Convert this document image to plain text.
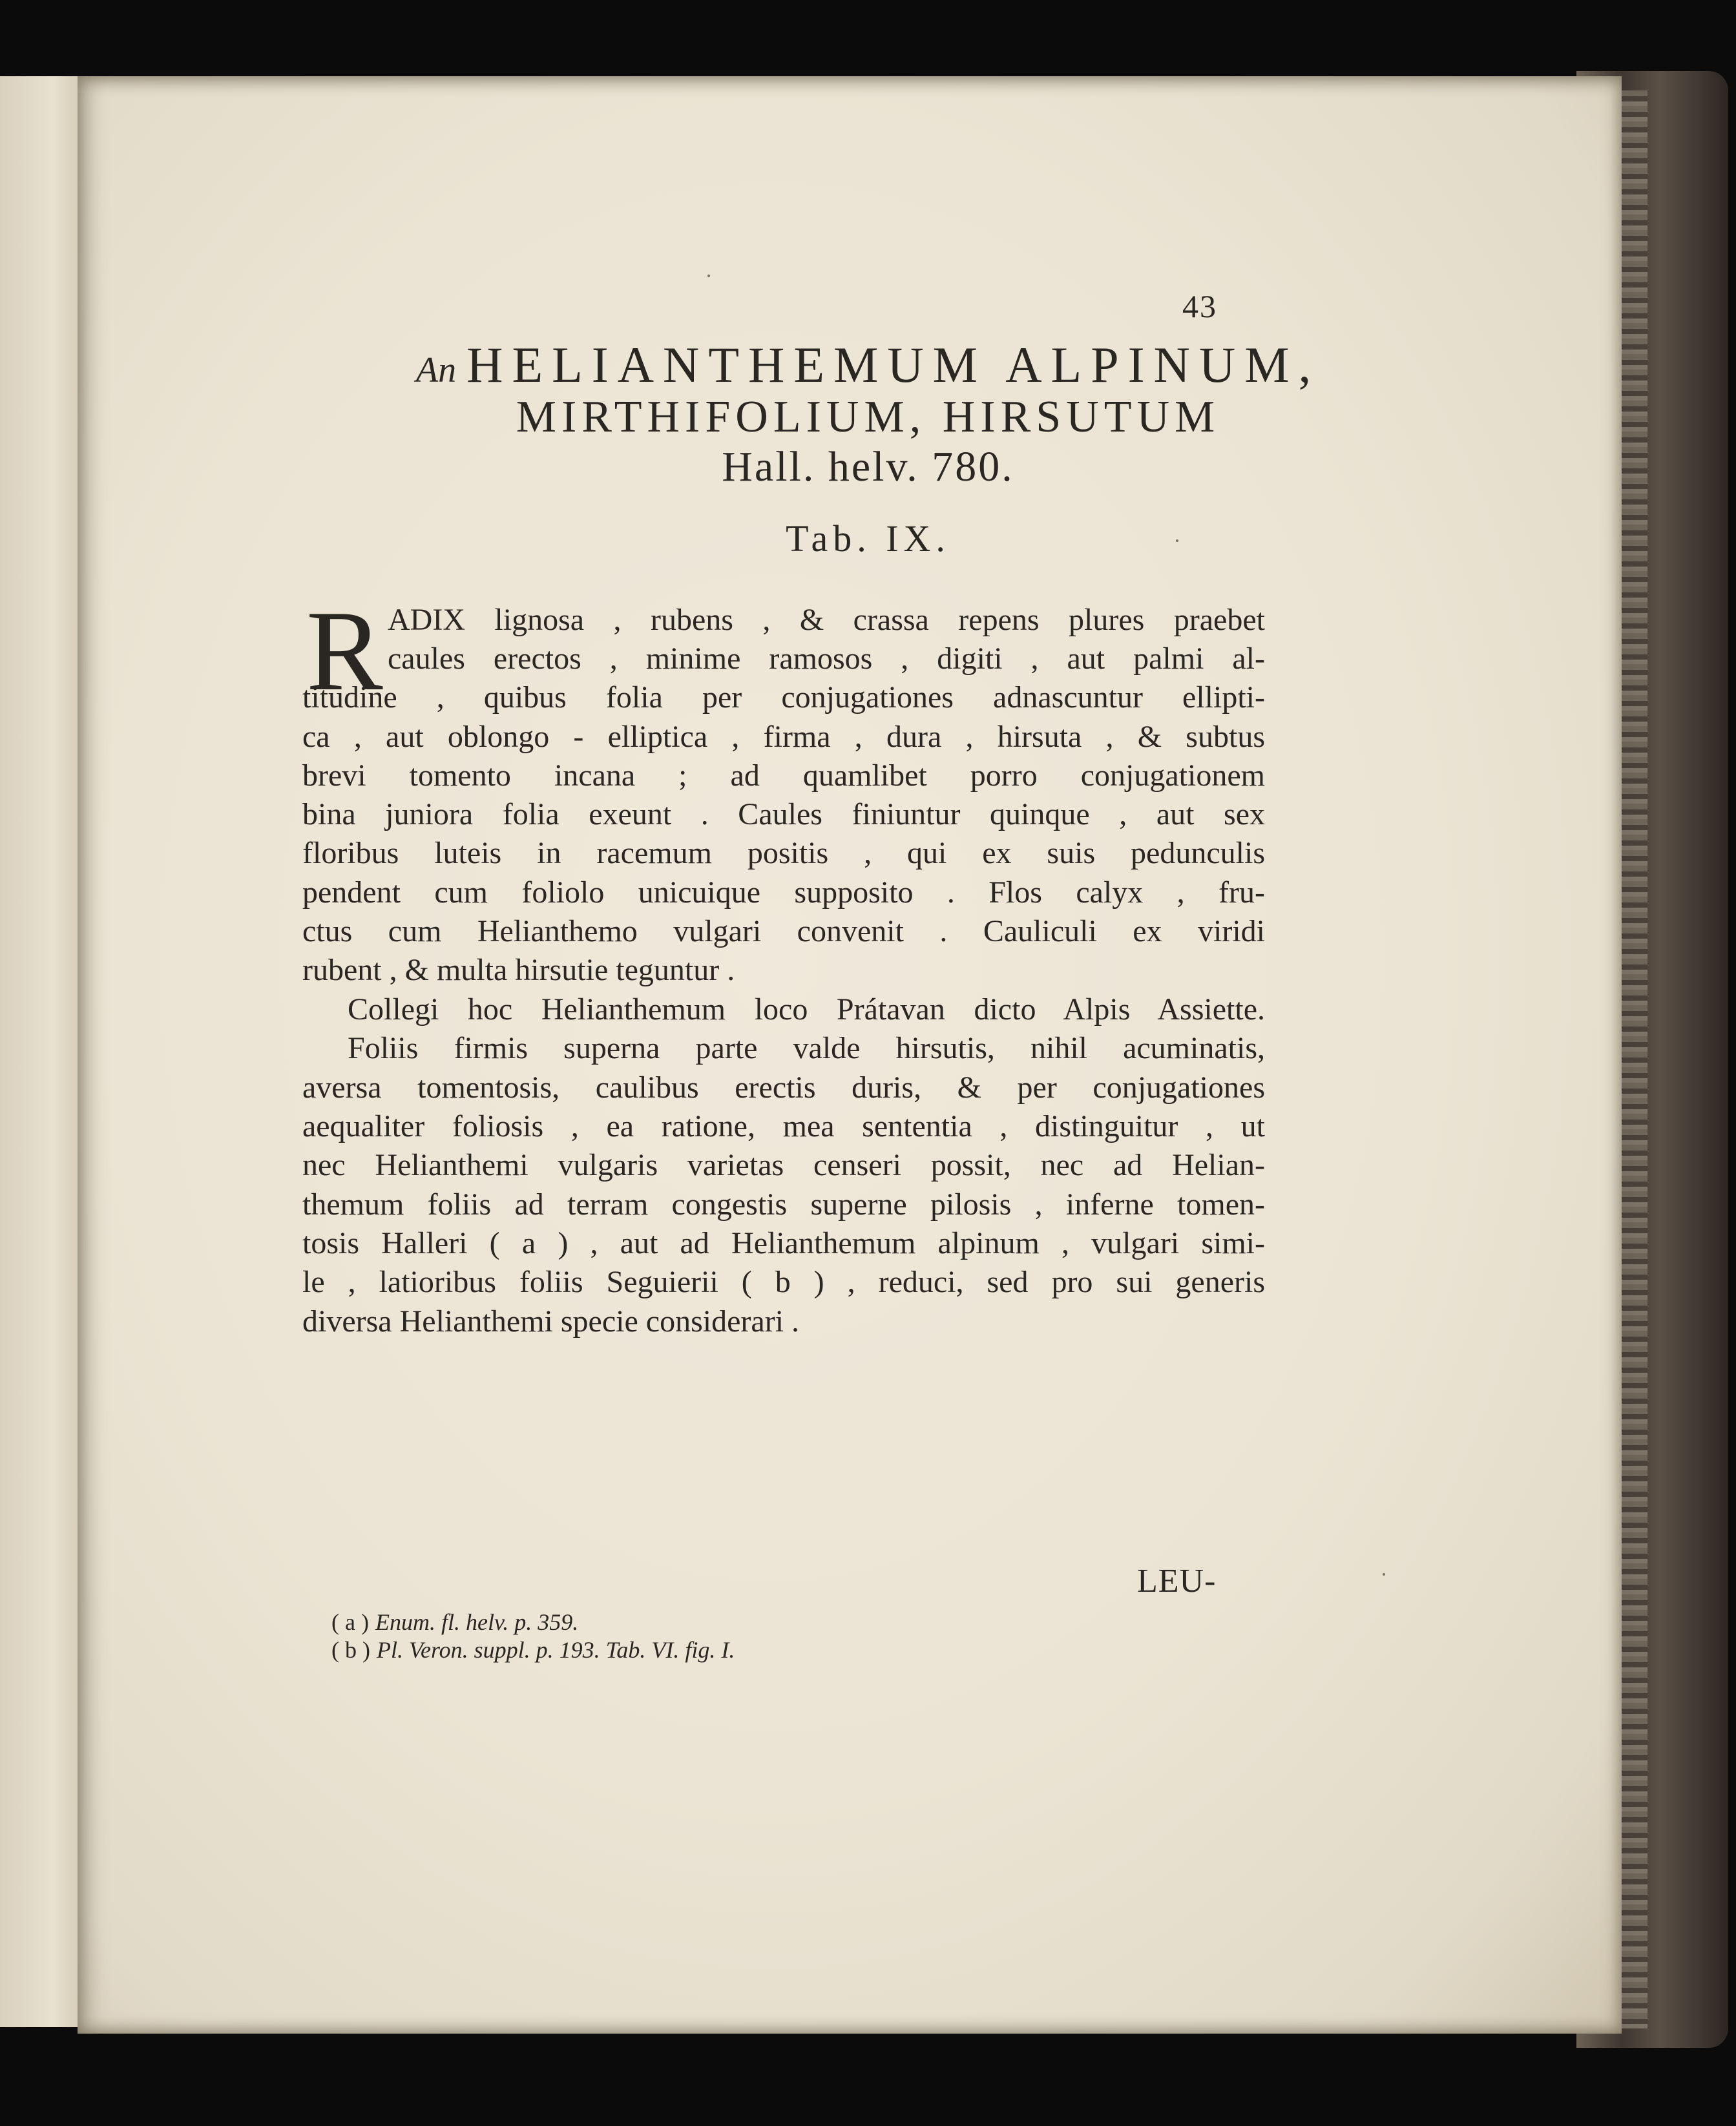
43
An HELIANTHEMUM ALPINUM,
MIRTHIFOLIUM, HIRSUTUM
Hall. helv. 780.
Tab. IX.
R ADIX lignosa , rubens , & crassa repens plures praebet
caules erectos , minime ramosos , digiti , aut palmi al-
titudine , quibus folia per conjugationes adnascuntur ellipti-
ca , aut oblongo - elliptica , firma , dura , hirsuta , & subtus
brevi tomento incana ; ad quamlibet porro conjugationem
bina juniora folia exeunt . Caules finiuntur quinque , aut sex
floribus luteis in racemum positis , qui ex suis pedunculis
pendent cum foliolo unicuique supposito . Flos calyx , fru-
ctus cum Helianthemo vulgari convenit . Cauliculi ex viridi
rubent , & multa hirsutie teguntur .
Collegi hoc Helianthemum loco Prátavan dicto Alpis Assiette.
Foliis firmis superna parte valde hirsutis, nihil acuminatis,
aversa tomentosis, caulibus erectis duris, & per conjugationes
aequaliter foliosis , ea ratione, mea sententia , distinguitur , ut
nec Helianthemi vulgaris varietas censeri possit, nec ad Helian-
themum foliis ad terram congestis superne pilosis , inferne tomen-
tosis Halleri ( a ) , aut ad Helianthemum alpinum , vulgari simi-
le , latioribus foliis Seguierii ( b ) , reduci, sed pro sui generis
diversa Helianthemi specie considerari .
LEU-
( a ) Enum. fl. helv. p. 359.
( b ) Pl. Veron. suppl. p. 193. Tab. VI. fig. I.
